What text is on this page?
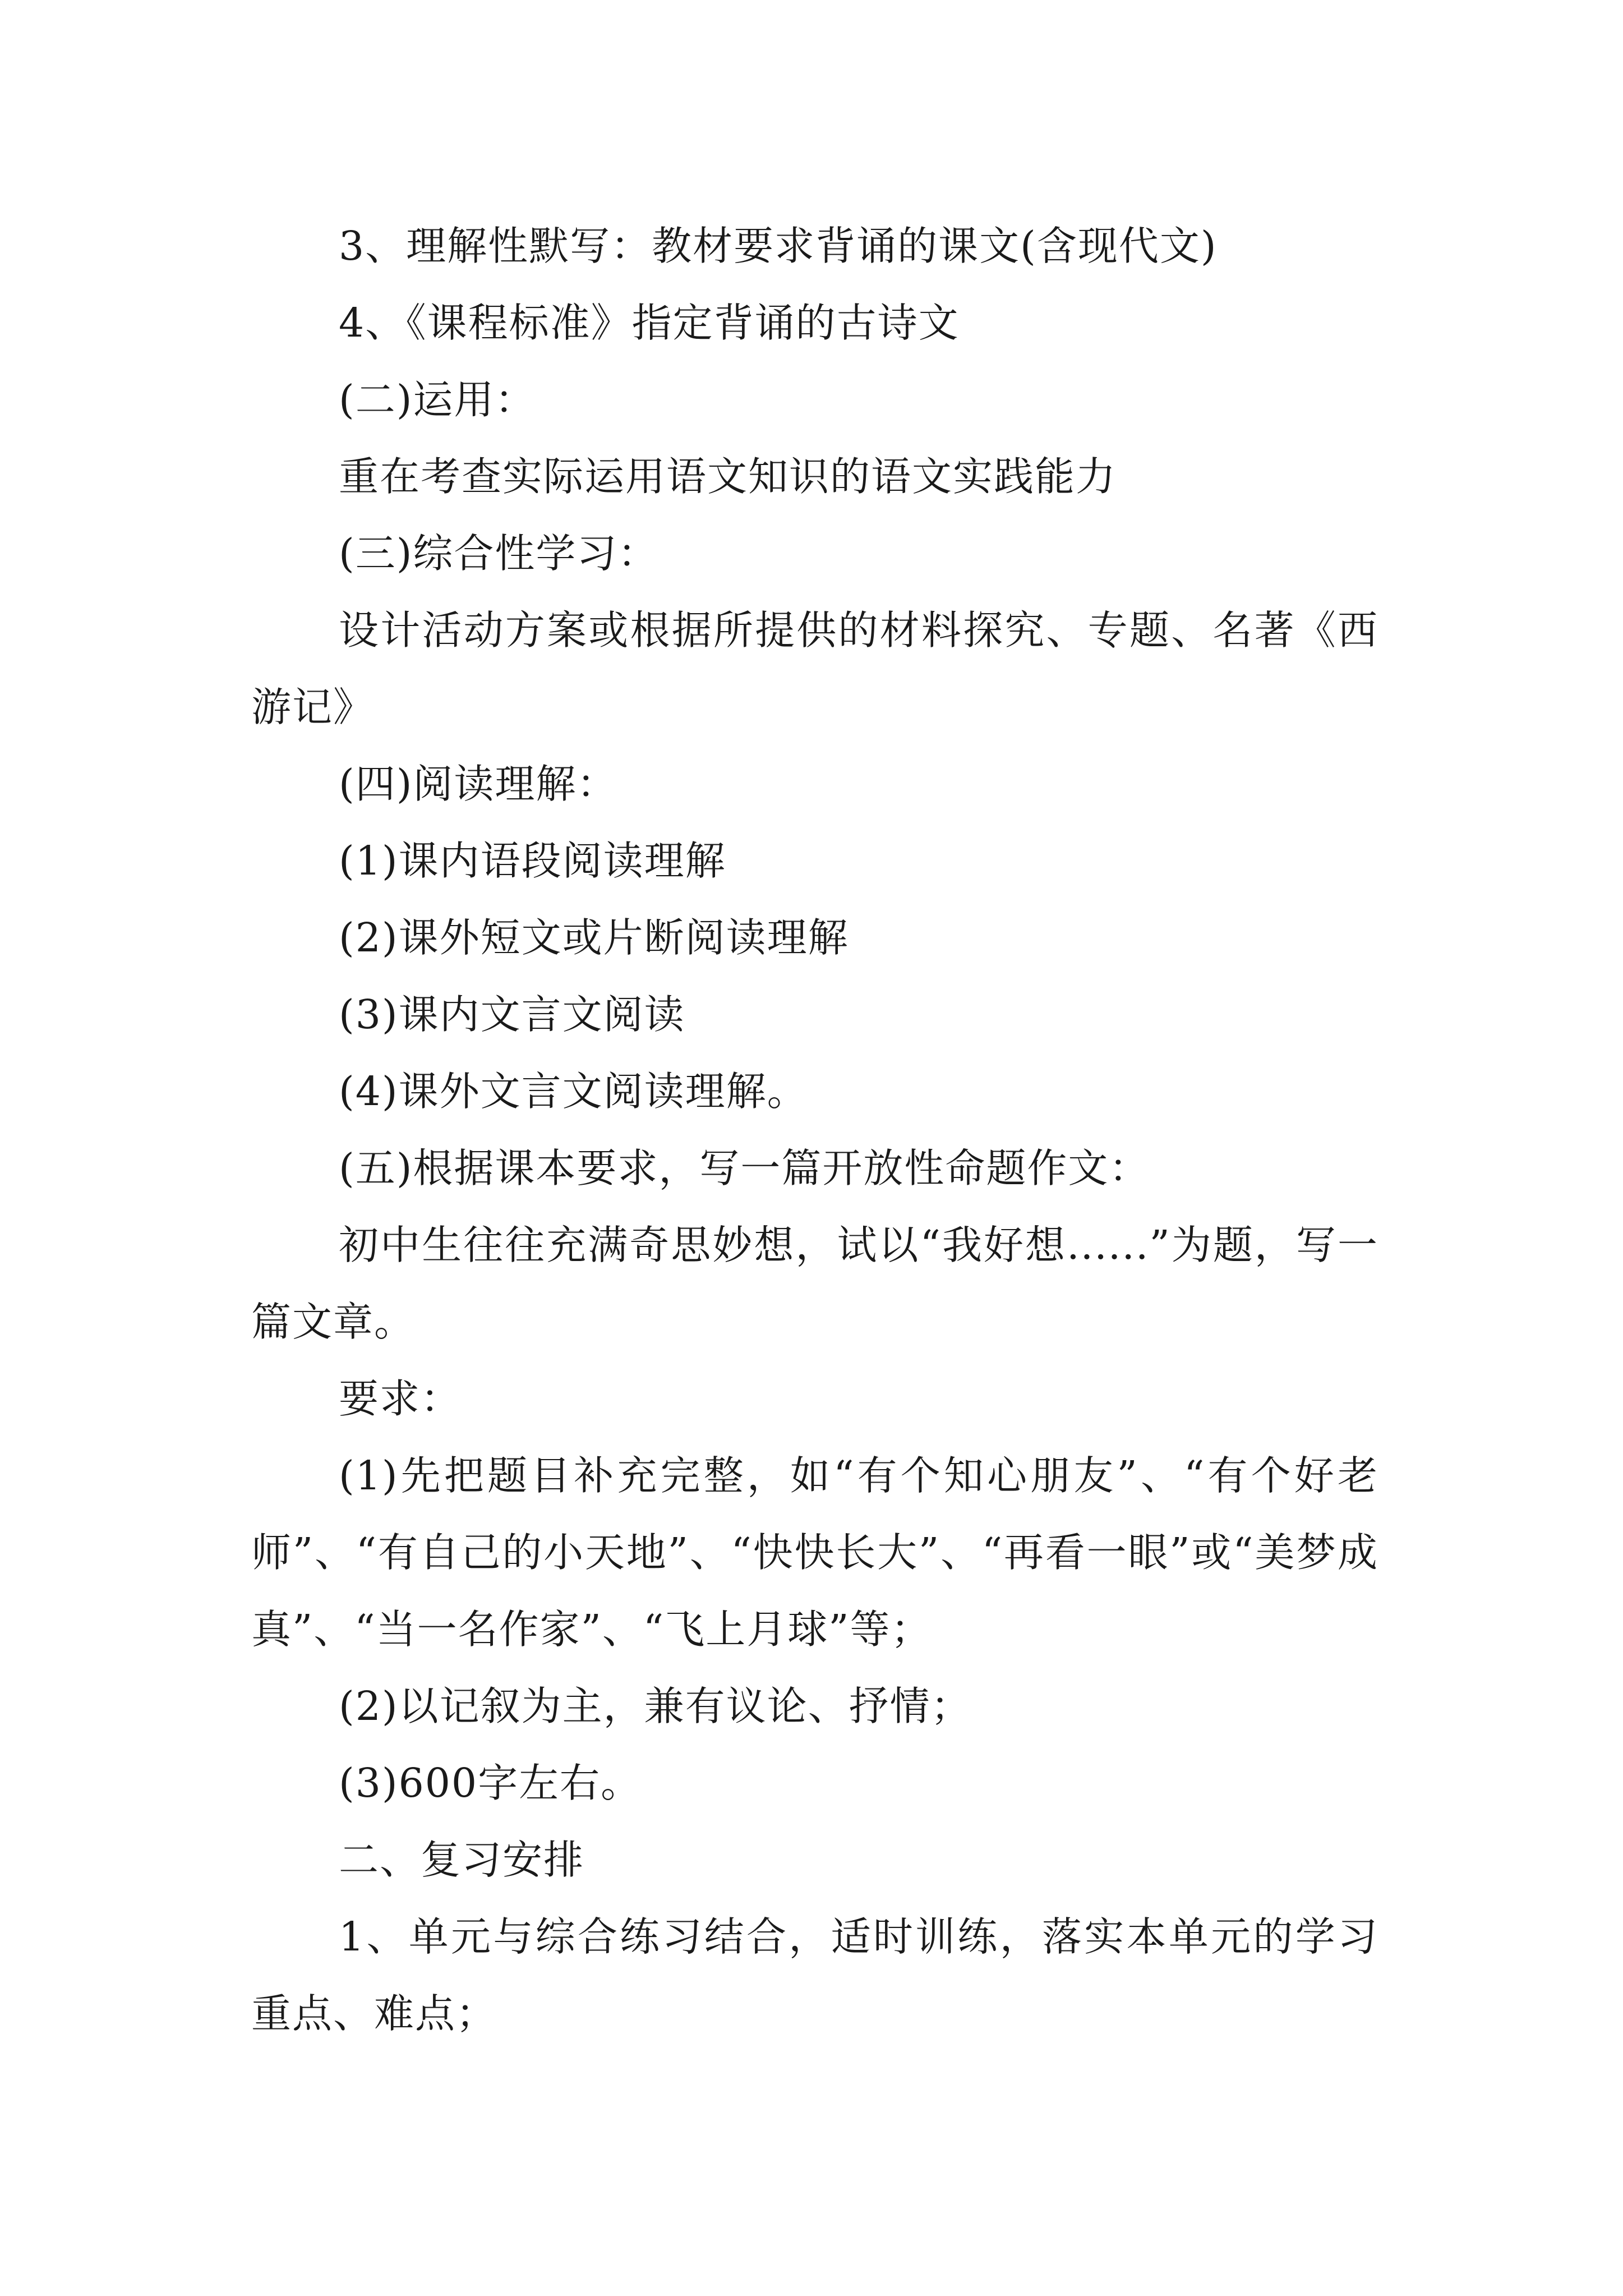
3、理解性默写：教材要求背诵的课文(含现代文)

4、《课程标准》指定背诵的古诗文

(二)运用：

重在考查实际运用语文知识的语文实践能力

(三)综合性学习：

设计活动方案或根据所提供的材料探究、专题、名著《西游记》

(四)阅读理解：

(1)课内语段阅读理解

(2)课外短文或片断阅读理解

(3)课内文言文阅读

(4)课外文言文阅读理解。

(五)根据课本要求，写一篇开放性命题作文：

初中生往往充满奇思妙想，试以“我好想......”为题，写一篇文章。

要求：

(1)先把题目补充完整，如“有个知心朋友”、“有个好老师”、“有自己的小天地”、“快快长大”、“再看一眼”或“美梦成真”、“当一名作家”、“飞上月球”等；

(2)以记叙为主，兼有议论、抒情；

(3)600字左右。

二、复习安排

1、单元与综合练习结合，适时训练，落实本单元的学习重点、难点；
